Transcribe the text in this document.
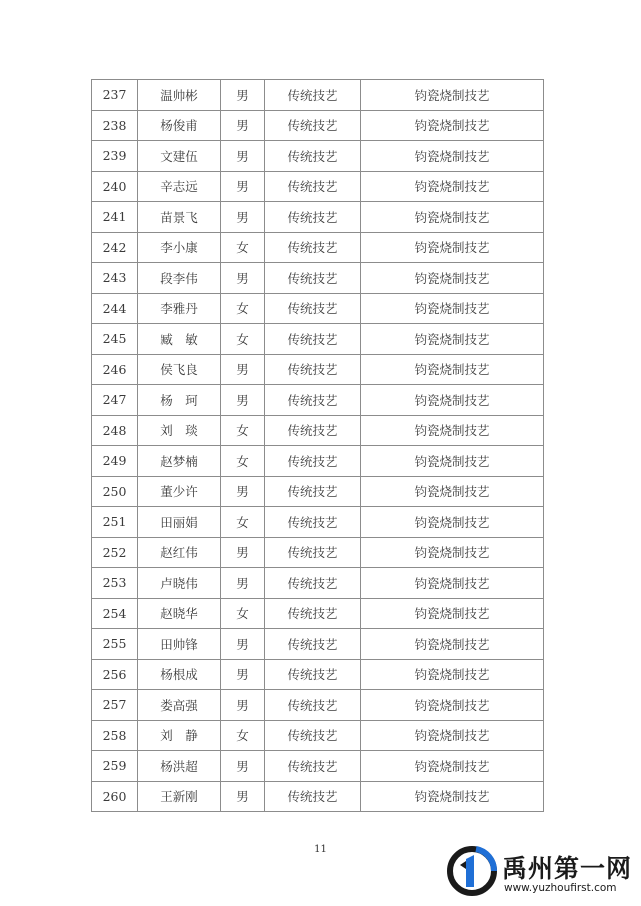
237	温帅彬	男	传统技艺	钧瓷烧制技艺
238	杨俊甫	男	传统技艺	钧瓷烧制技艺
239	文建伍	男	传统技艺	钧瓷烧制技艺
240	辛志远	男	传统技艺	钧瓷烧制技艺
241	苗景飞	男	传统技艺	钧瓷烧制技艺
242	李小康	女	传统技艺	钧瓷烧制技艺
243	段李伟	男	传统技艺	钧瓷烧制技艺
244	李雅丹	女	传统技艺	钧瓷烧制技艺
245	臧　敏	女	传统技艺	钧瓷烧制技艺
246	侯飞良	男	传统技艺	钧瓷烧制技艺
247	杨　珂	男	传统技艺	钧瓷烧制技艺
248	刘　琰	女	传统技艺	钧瓷烧制技艺
249	赵梦楠	女	传统技艺	钧瓷烧制技艺
250	董少许	男	传统技艺	钧瓷烧制技艺
251	田丽娟	女	传统技艺	钧瓷烧制技艺
252	赵红伟	男	传统技艺	钧瓷烧制技艺
253	卢晓伟	男	传统技艺	钧瓷烧制技艺
254	赵晓华	女	传统技艺	钧瓷烧制技艺
255	田帅锋	男	传统技艺	钧瓷烧制技艺
256	杨根成	男	传统技艺	钧瓷烧制技艺
257	娄高强	男	传统技艺	钧瓷烧制技艺
258	刘　静	女	传统技艺	钧瓷烧制技艺
259	杨洪超	男	传统技艺	钧瓷烧制技艺
260	王新刚	男	传统技艺	钧瓷烧制技艺
11
禹州第一网
www.yuzhoufirst.com
